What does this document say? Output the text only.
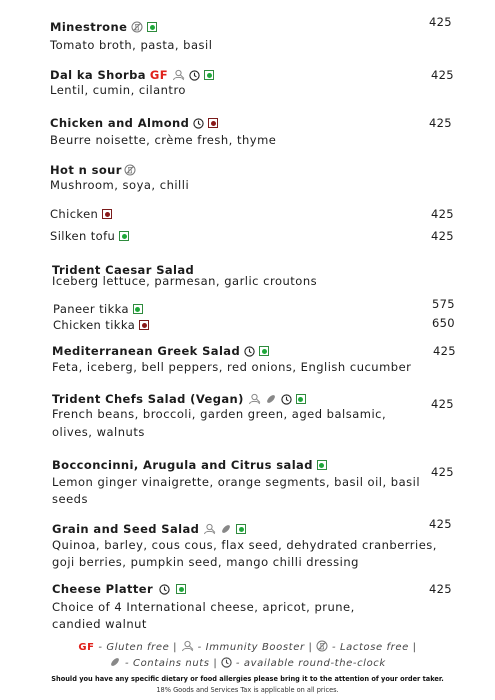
Minestrone
Tomato broth, pasta, basil
425
Dal ka Shorba GF
Lentil, cumin, cilantro
425
Chicken and Almond
Beurre noisette, crème fresh, thyme
425
Hot n sour
Mushroom, soya, chilli
Chicken	425
Silken tofu	425
Trident Caesar Salad
Iceberg lettuce, parmesan, garlic croutons
Paneer tikka	575
Chicken tikka	650
Mediterranean Greek Salad
Feta, iceberg, bell peppers, red onions, English cucumber
425
Trident Chefs Salad (Vegan)
French beans, broccoli, garden green, aged balsamic,
olives, walnuts
425
Bocconcinni, Arugula and Citrus salad
Lemon ginger vinaigrette, orange segments, basil oil, basil
seeds
425
Grain and Seed Salad
Quinoa, barley, cous cous, flax seed, dehydrated cranberries,
goji berries, pumpkin seed, mango chilli dressing
425
Cheese Platter
Choice of 4 International cheese, apricot, prune,
candied walnut
425
GF - Gluten free |  - Immunity Booster |  - Lactose free |
- Contains nuts |  - available round-the-clock
Should you have any specific dietary or food allergies please bring it to the attention of your order taker.
18% Goods and Services Tax is applicable on all prices.
